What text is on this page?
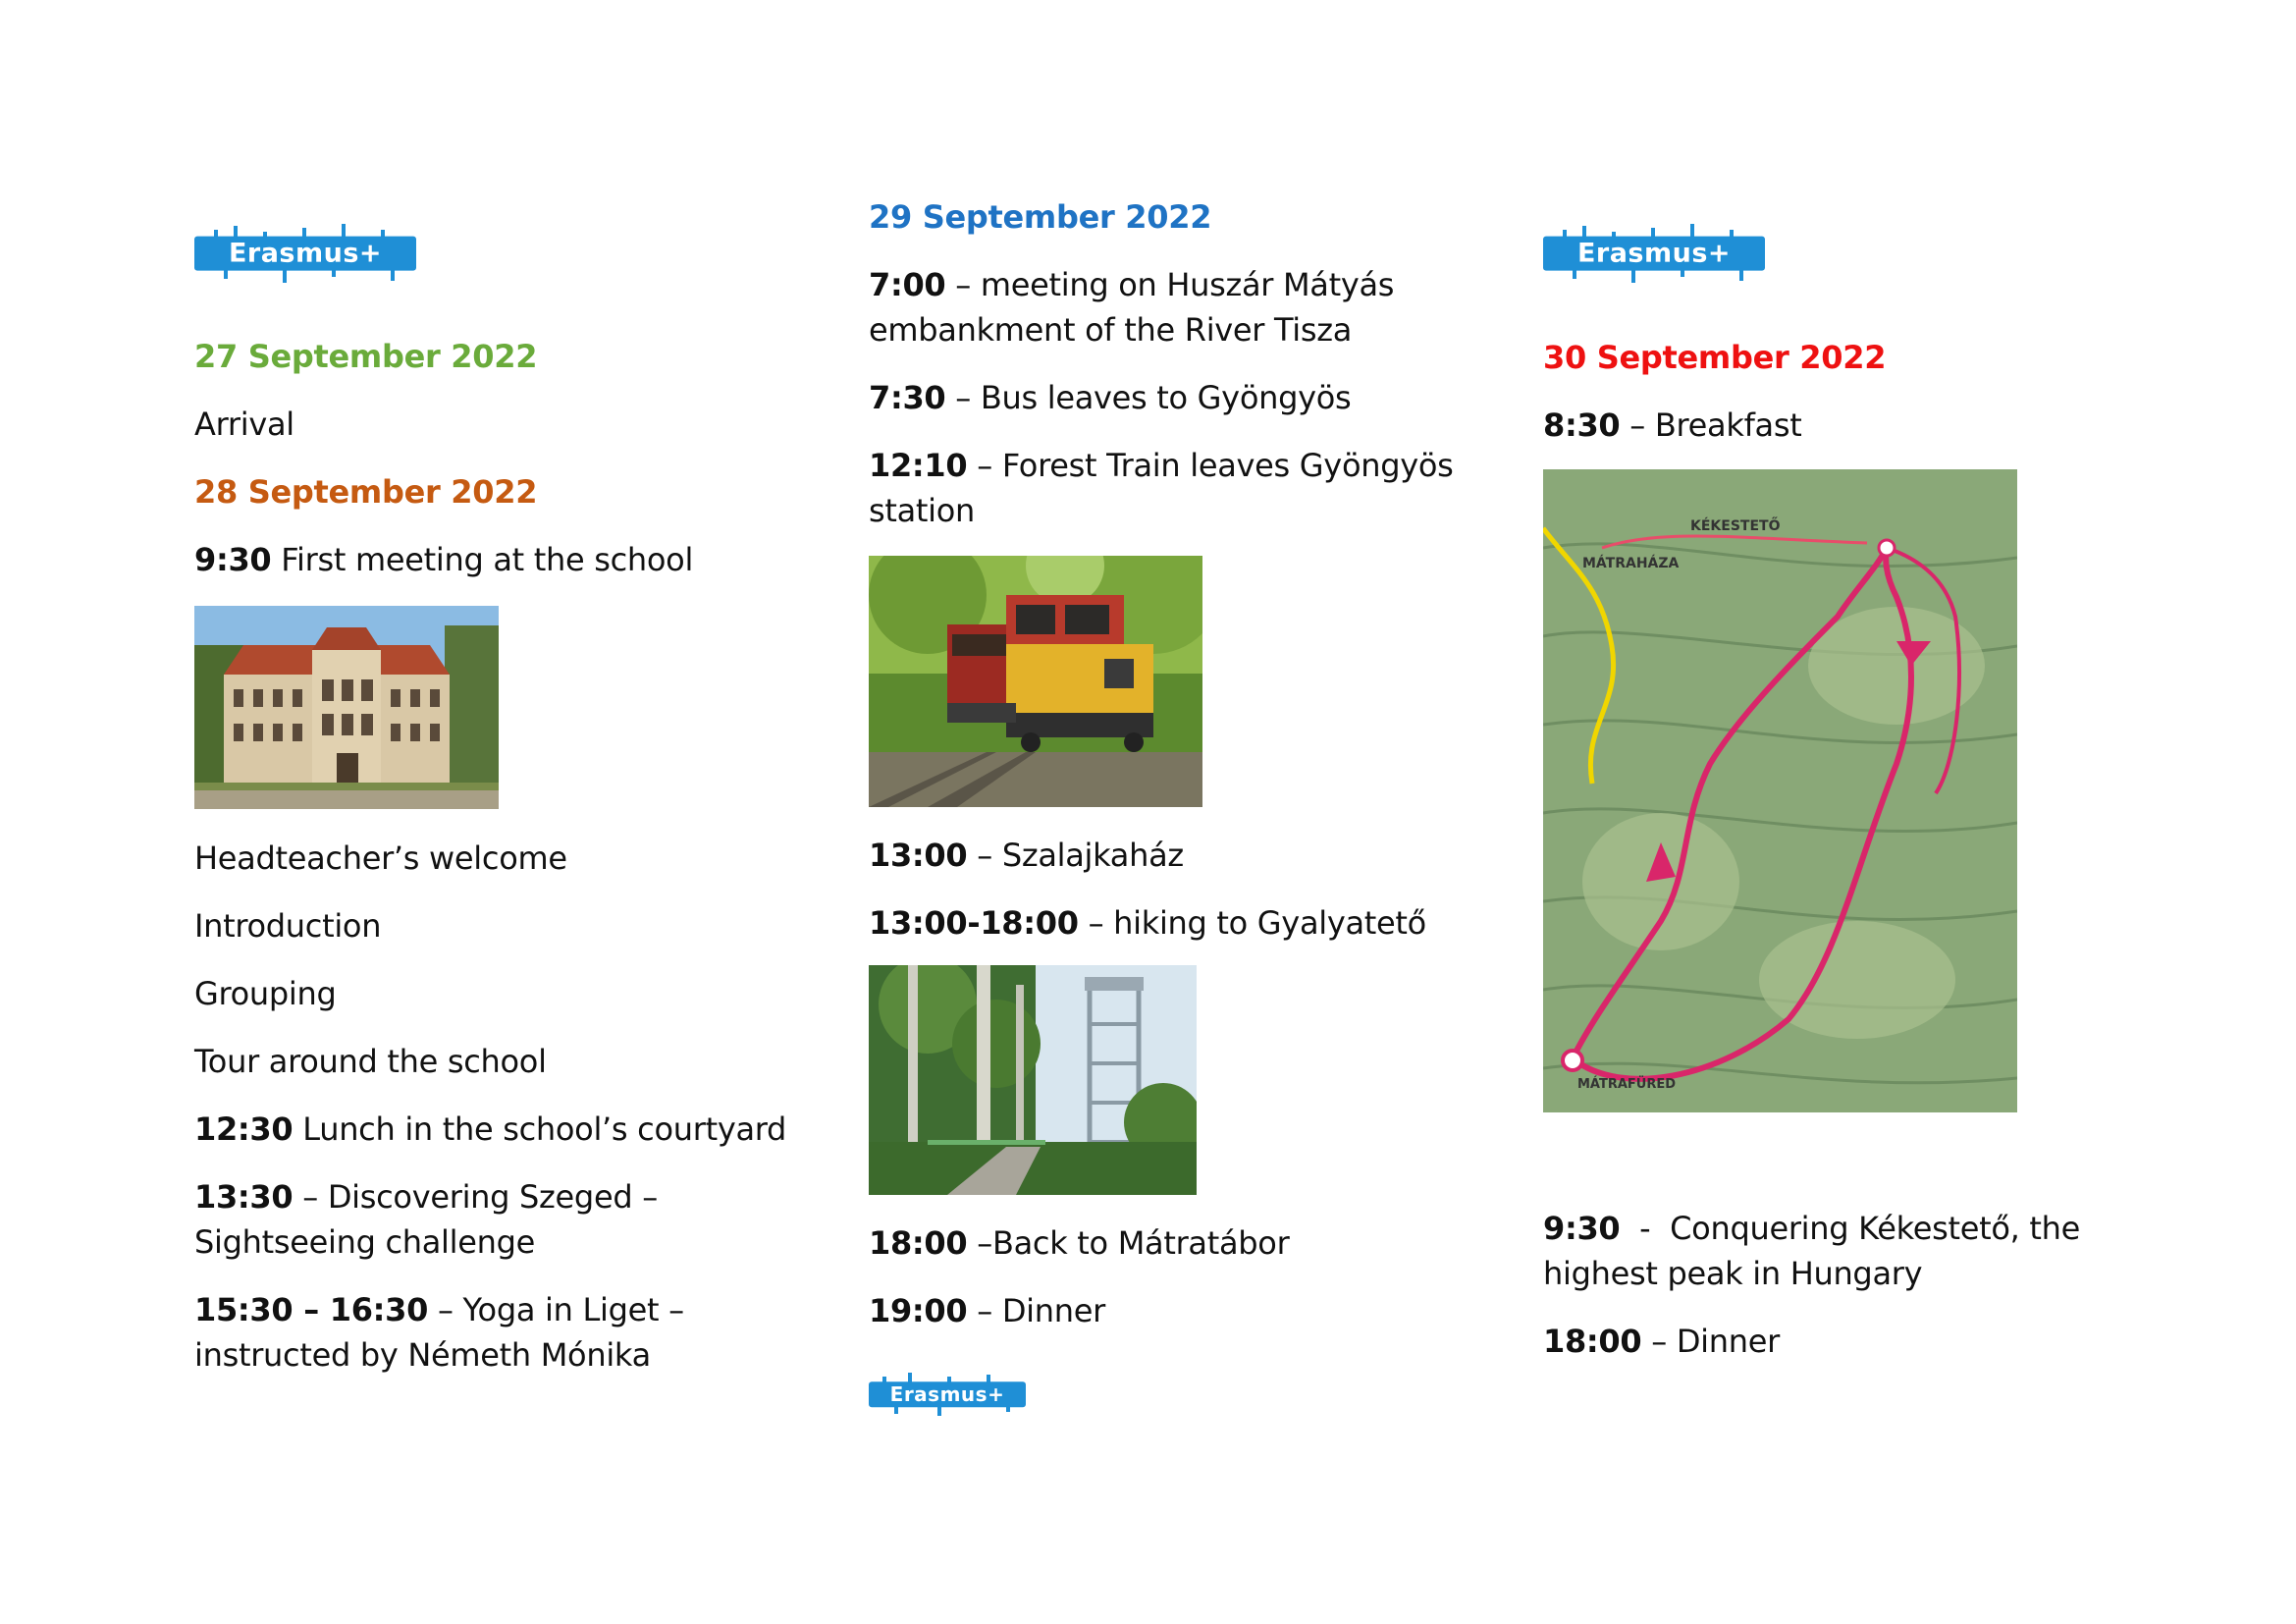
Erasmus+
27 September 2022
Arrival
28 September 2022
9:30 First meeting at the school
Headteacher’s welcome
Introduction
Grouping
Tour around the school
12:30 Lunch in the school’s courtyard
13:30 – Discovering Szeged –
Sightseeing challenge
15:30 – 16:30 – Yoga in Liget –
instructed by Németh Mónika
29 September 2022
7:00 – meeting on Huszár Mátyás
embankment of the River Tisza
7:30 – Bus leaves to Gyöngyös
12:10 – Forest Train leaves Gyöngyös
station
13:00 – Szalajkaház
13:00-18:00 – hiking to Gyalyatető
18:00 –Back to Mátratábor
19:00 – Dinner
Erasmus+
Erasmus+
30 September 2022
8:30 – Breakfast
KÉKESTETŐ
MÁTRAHÁZA
MÁTRAFÜRED
9:30  -  Conquering Kékestető, the
highest peak in Hungary
18:00 – Dinner
